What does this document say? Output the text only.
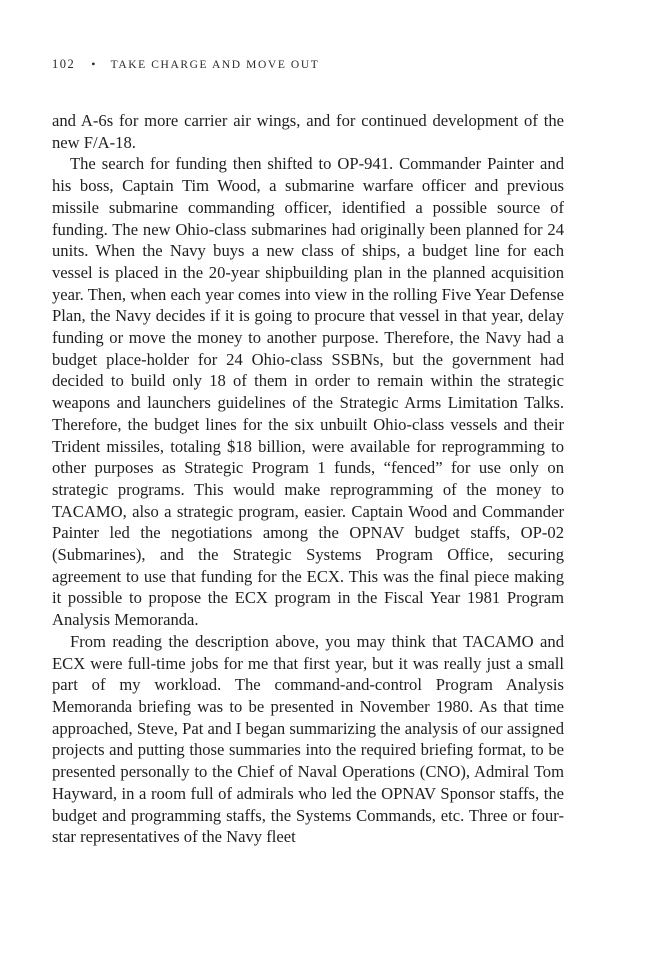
102 • TAKE CHARGE AND MOVE OUT

and A-6s for more carrier air wings, and for continued development of the new F/A-18.

The search for funding then shifted to OP-941. Commander Painter and his boss, Captain Tim Wood, a submarine warfare officer and previous missile submarine commanding officer, identified a possible source of funding. The new Ohio-class submarines had originally been planned for 24 units. When the Navy buys a new class of ships, a budget line for each vessel is placed in the 20-year shipbuilding plan in the planned acquisition year. Then, when each year comes into view in the rolling Five Year Defense Plan, the Navy decides if it is going to procure that vessel in that year, delay funding or move the money to another purpose. Therefore, the Navy had a budget place-holder for 24 Ohio-class SSBNs, but the government had decided to build only 18 of them in order to remain within the strategic weapons and launchers guidelines of the Strategic Arms Limitation Talks. Therefore, the budget lines for the six unbuilt Ohio-class vessels and their Trident missiles, totaling $18 billion, were available for reprogramming to other purposes as Strategic Program 1 funds, “fenced” for use only on strategic programs. This would make reprogramming of the money to TACAMO, also a strategic program, easier. Captain Wood and Commander Painter led the negotiations among the OPNAV budget staffs, OP-02 (Submarines), and the Strategic Systems Program Office, securing agreement to use that funding for the ECX. This was the final piece making it possible to propose the ECX program in the Fiscal Year 1981 Program Analysis Memoranda.

From reading the description above, you may think that TACAMO and ECX were full-time jobs for me that first year, but it was really just a small part of my workload. The command-and-control Program Analysis Memoranda briefing was to be presented in November 1980. As that time approached, Steve, Pat and I began summarizing the analysis of our assigned projects and putting those summaries into the required briefing format, to be presented personally to the Chief of Naval Operations (CNO), Admiral Tom Hayward, in a room full of admirals who led the OPNAV Sponsor staffs, the budget and programming staffs, the Systems Commands, etc. Three or four-star representatives of the Navy fleet
